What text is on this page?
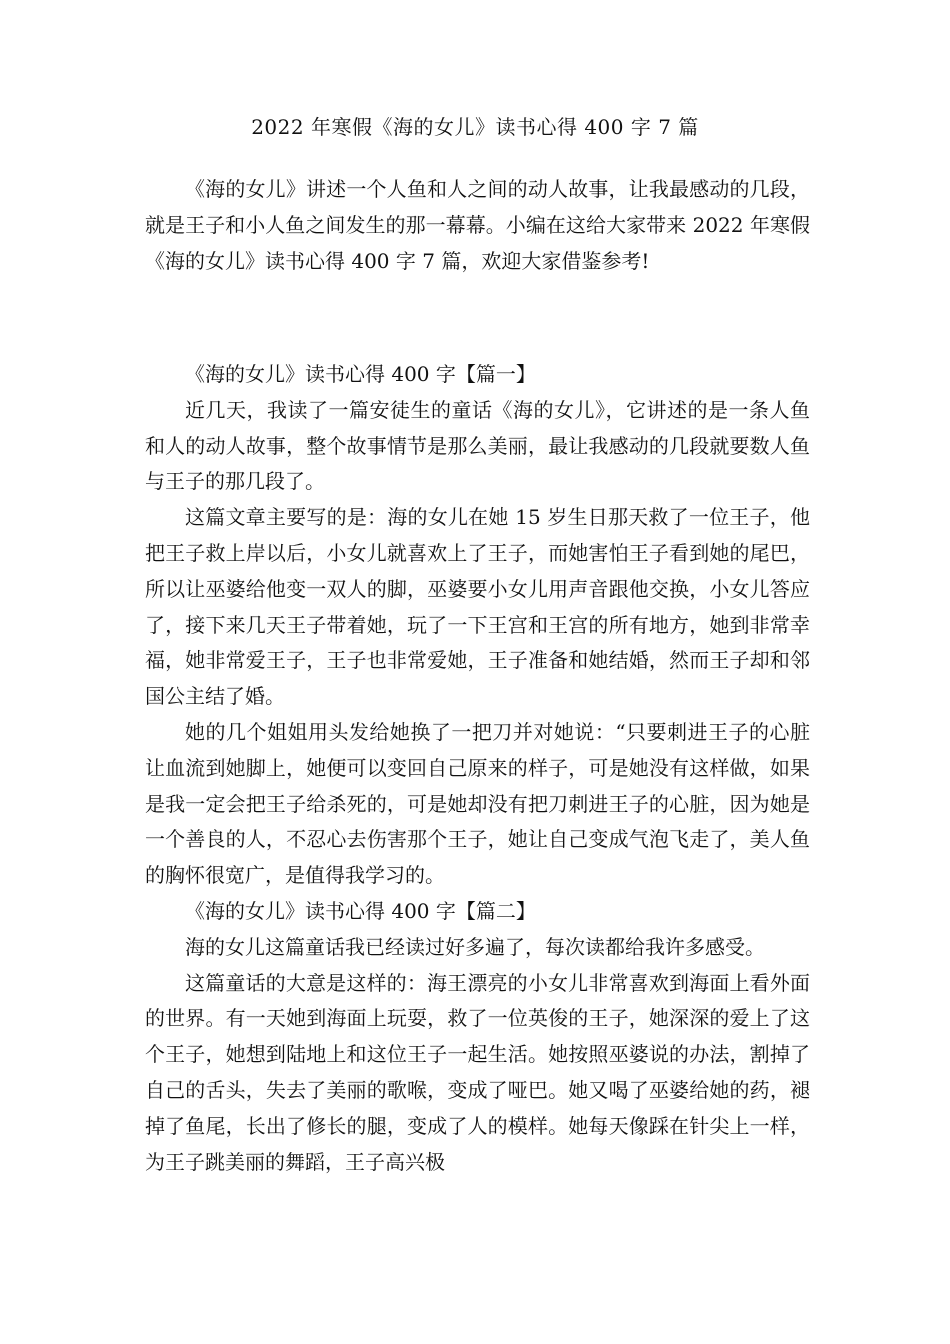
2022 年寒假《海的女儿》读书心得 400 字 7 篇

《海的女儿》讲述一个人鱼和人之间的动人故事，让我最感动的几段，就是王子和小人鱼之间发生的那一幕幕。小编在这给大家带来 2022 年寒假《海的女儿》读书心得 400 字 7 篇，欢迎大家借鉴参考!

《海的女儿》读书心得 400 字【篇一】

近几天，我读了一篇安徒生的童话《海的女儿》，它讲述的是一条人鱼和人的动人故事，整个故事情节是那么美丽，最让我感动的几段就要数人鱼与王子的那几段了。

这篇文章主要写的是：海的女儿在她 15 岁生日那天救了一位王子，他把王子救上岸以后，小女儿就喜欢上了王子，而她害怕王子看到她的尾巴，所以让巫婆给他变一双人的脚，巫婆要小女儿用声音跟他交换，小女儿答应了，接下来几天王子带着她，玩了一下王宫和王宫的所有地方，她到非常幸福，她非常爱王子，王子也非常爱她，王子准备和她结婚，然而王子却和邻国公主结了婚。

她的几个姐姐用头发给她换了一把刀并对她说：“只要刺进王子的心脏让血流到她脚上，她便可以变回自己原来的样子，可是她没有这样做，如果是我一定会把王子给杀死的，可是她却没有把刀刺进王子的心脏，因为她是一个善良的人，不忍心去伤害那个王子，她让自己变成气泡飞走了，美人鱼的胸怀很宽广，是值得我学习的。

《海的女儿》读书心得 400 字【篇二】

海的女儿这篇童话我已经读过好多遍了，每次读都给我许多感受。

这篇童话的大意是这样的：海王漂亮的小女儿非常喜欢到海面上看外面的世界。有一天她到海面上玩耍，救了一位英俊的王子，她深深的爱上了这个王子，她想到陆地上和这位王子一起生活。她按照巫婆说的办法，割掉了自己的舌头，失去了美丽的歌喉，变成了哑巴。她又喝了巫婆给她的药，褪掉了鱼尾，长出了修长的腿，变成了人的模样。她每天像踩在针尖上一样，为王子跳美丽的舞蹈，王子高兴极
